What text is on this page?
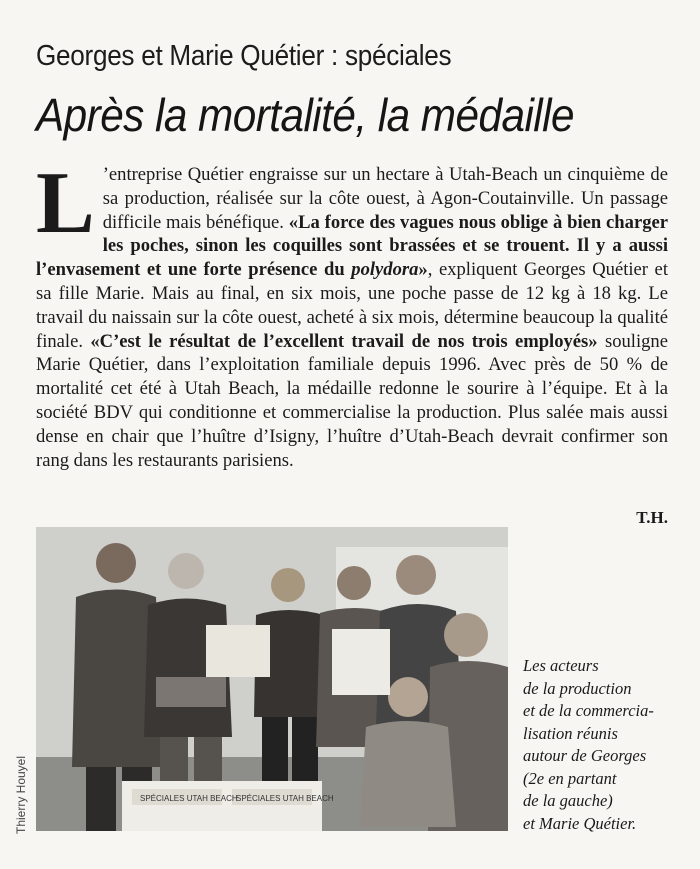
Georges et Marie Quétier : spéciales
Après la mortalité, la médaille
L ’entreprise Quétier engraisse sur un hectare à Utah-Beach un cinquième de sa production, réalisée sur la côte ouest, à Agon-Coutainville. Un passage difficile mais bénéfique. «La force des vagues nous oblige à bien charger les poches, sinon les coquilles sont brassées et se trouent. Il y a aussi l’envasement et une forte présence du polydora», expliquent Georges Quétier et sa fille Marie. Mais au final, en six mois, une poche passe de 12 kg à 18 kg. Le travail du naissain sur la côte ouest, acheté à six mois, détermine beaucoup la qualité finale. «C’est le résultat de l’excellent travail de nos trois employés» souligne Marie Quétier, dans l’exploitation familiale depuis 1996. Avec près de 50 % de mortalité cet été à Utah Beach, la médaille redonne le sourire à l’équipe. Et à la société BDV qui conditionne et commercialise la production. Plus salée mais aussi dense en chair que l’huître d’Isigny, l’huître d’Utah-Beach devrait confirmer son rang dans les restaurants parisiens.
T.H.
SPÉCIALES UTAH BEACH
SPÉCIALES UTAH BEACH
Thierry Houyel
Les acteurs
de la production
et de la commercia-
lisation réunis
autour de Georges
(2e en partant
de la gauche)
et Marie Quétier.
